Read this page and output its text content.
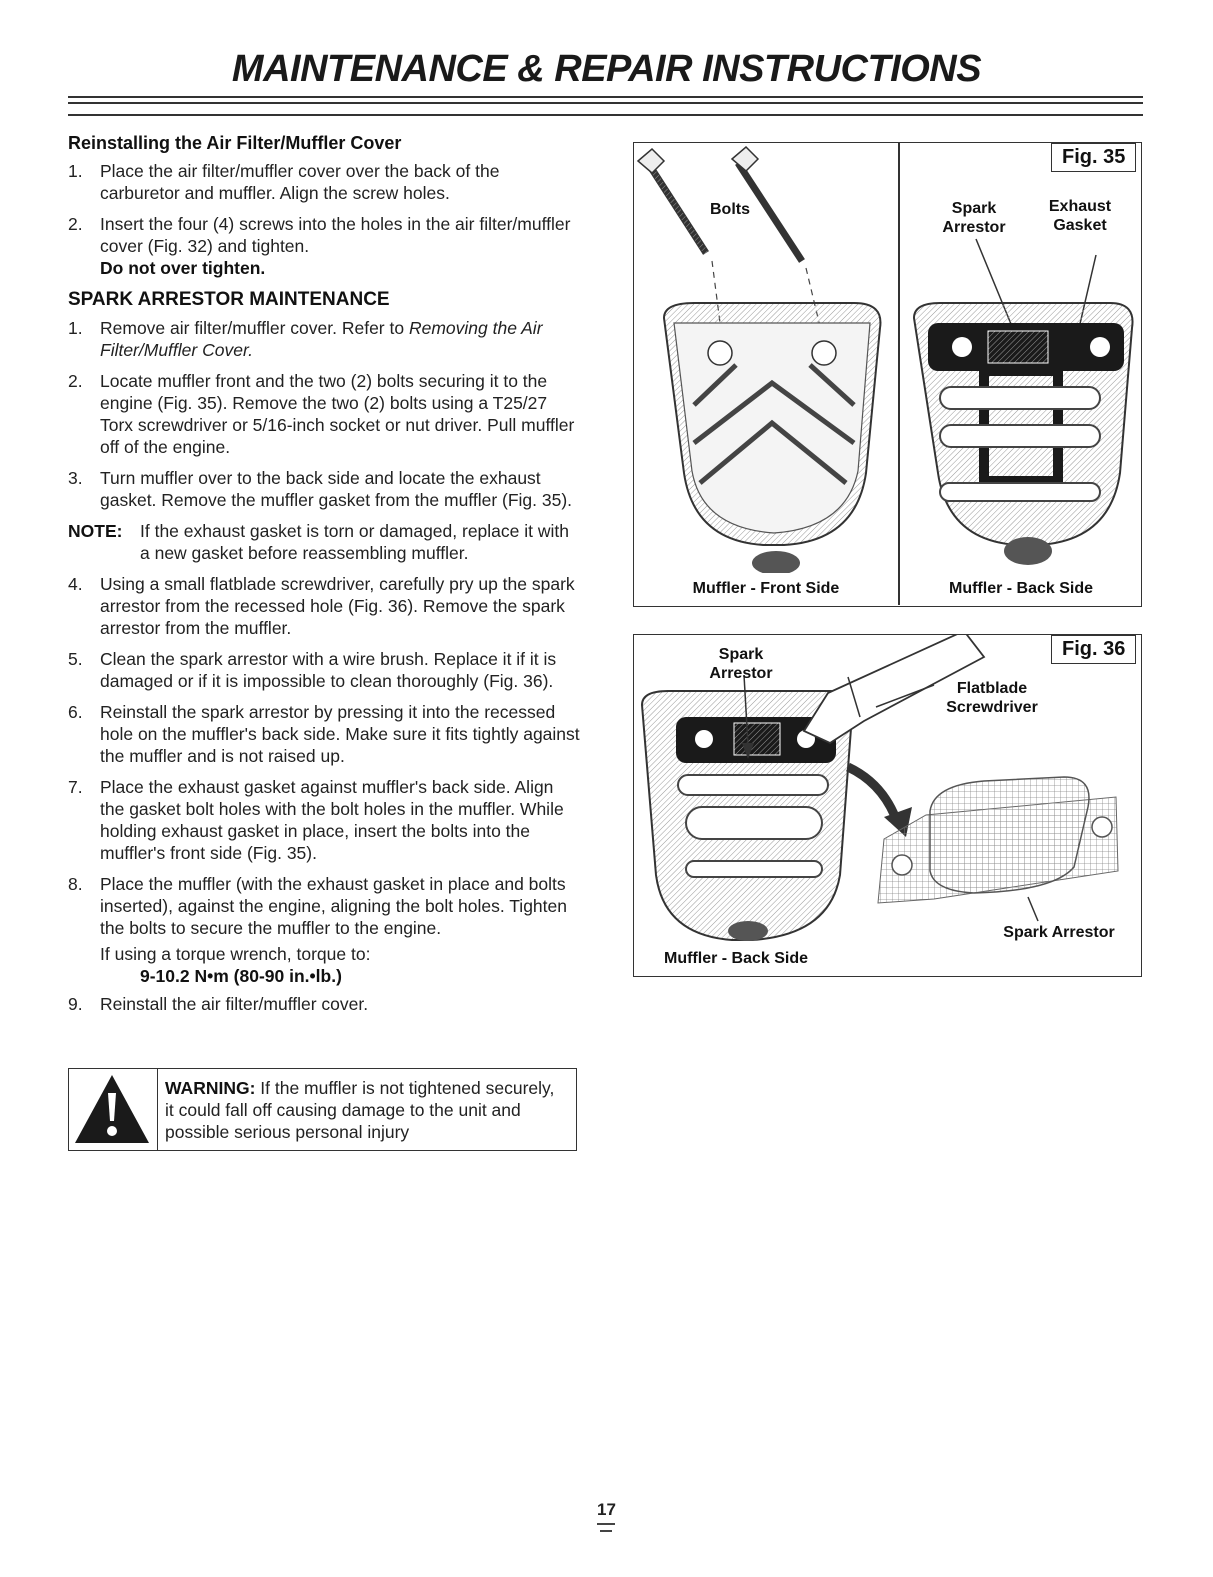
MAINTENANCE & REPAIR INSTRUCTIONS
Reinstalling the Air Filter/Muffler Cover
1. Place the air filter/muffler cover over the back of the carburetor and muffler. Align the screw holes.
2. Insert the four (4) screws into the holes in the air filter/muffler cover (Fig. 32) and tighten.
Do not over tighten.
SPARK ARRESTOR MAINTENANCE
1. Remove air filter/muffler cover. Refer to Removing the Air Filter/Muffler Cover.
2. Locate muffler front and the two (2) bolts securing it to the engine (Fig. 35). Remove the two (2) bolts using a T25/27 Torx screwdriver or 5/16-inch socket or nut driver. Pull muffler off of the engine.
3. Turn muffler over to the back side and locate the exhaust gasket. Remove the muffler gasket from the muffler (Fig. 35).
NOTE: If the exhaust gasket is torn or damaged, replace it with a new gasket before reassembling muffler.
4. Using a small flatblade screwdriver, carefully pry up the spark arrestor from the recessed hole (Fig. 36). Remove the spark arrestor from the muffler.
5. Clean the spark arrestor with a wire brush. Replace it if it is damaged or if it is impossible to clean thoroughly (Fig. 36).
6. Reinstall the spark arrestor by pressing it into the recessed hole on the muffler's back side. Make sure it fits tightly against the muffler and is not raised up.
7. Place the exhaust gasket against muffler's back side. Align the gasket bolt holes with the bolt holes in the muffler. While holding exhaust gasket in place, insert the bolts into the muffler's front side (Fig. 35).
8. Place the muffler (with the exhaust gasket in place and bolts inserted), against the engine, aligning the bolt holes. Tighten the bolts to secure the muffler to the engine.
If using a torque wrench, torque to:
9-10.2 N•m (80-90 in.•lb.)
9. Reinstall the air filter/muffler cover.
WARNING: If the muffler is not tightened securely, it could fall off causing damage to the unit and possible serious personal injury
Fig. 35
Bolts
Muffler - Front Side
Spark
Arrestor
Exhaust
Gasket
Muffler - Back Side
Fig. 36
Spark
Arrestor
Flatblade
Screwdriver
Muffler - Back Side
Spark Arrestor
17
